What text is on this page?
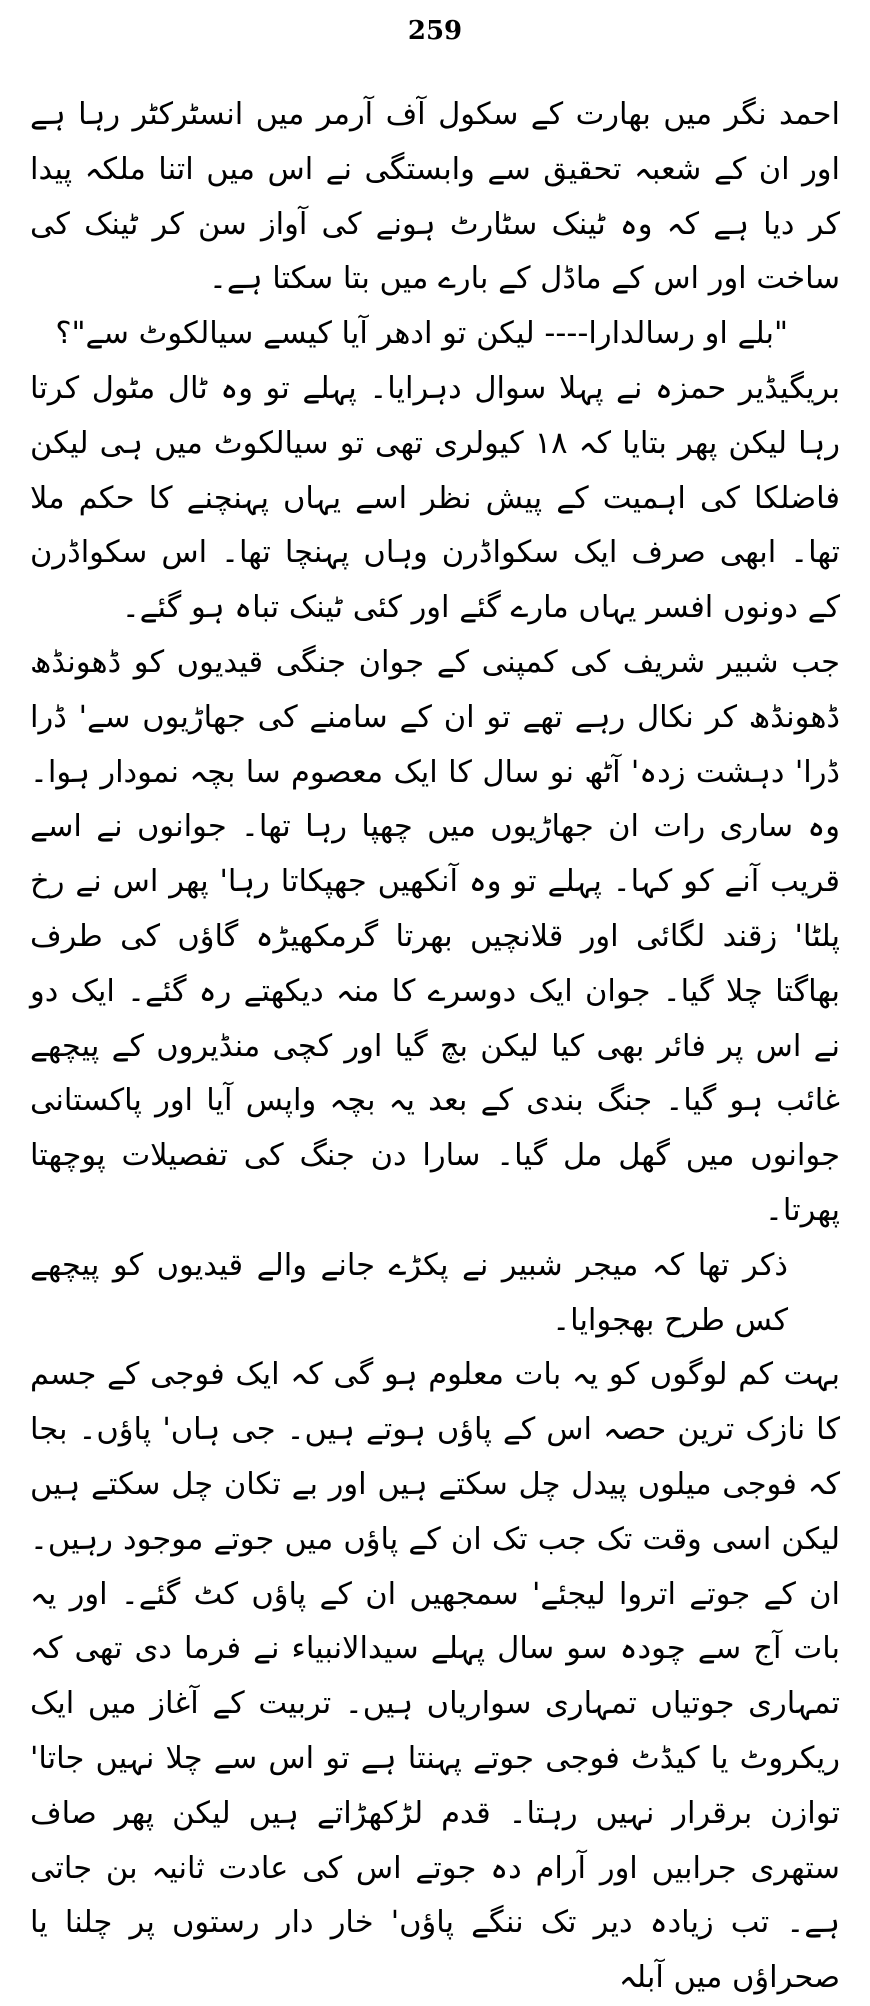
259

احمد نگر میں بھارت کے سکول آف آرمر میں انسٹرکٹر رہا ہے اور ان کے شعبہ تحقیق سے وابستگی نے اس میں اتنا ملکہ پیدا کر دیا ہے کہ وہ ٹینک سٹارٹ ہونے کی آواز سن کر ٹینک کی ساخت اور اس کے ماڈل کے بارے میں بتا سکتا ہے۔

"بلے او رسالدارا---- لیکن تو ادھر آیا کیسے سیالکوٹ سے"؟

بریگیڈیر حمزہ نے پہلا سوال دہرایا۔ پہلے تو وہ ٹال مٹول کرتا رہا لیکن پھر بتایا کہ ۱۸ کیولری تھی تو سیالکوٹ میں ہی لیکن فاضلکا کی اہمیت کے پیش نظر اسے یہاں پہنچنے کا حکم ملا تھا۔ ابھی صرف ایک سکواڈرن وہاں پہنچا تھا۔ اس سکواڈرن کے دونوں افسر یہاں مارے گئے اور کئی ٹینک تباہ ہو گئے۔

جب شبیر شریف کی کمپنی کے جوان جنگی قیدیوں کو ڈھونڈھ ڈھونڈھ کر نکال رہے تھے تو ان کے سامنے کی جھاڑیوں سے' ڈرا ڈرا' دہشت زدہ' آٹھ نو سال کا ایک معصوم سا بچہ نمودار ہوا۔ وہ ساری رات ان جھاڑیوں میں چھپا رہا تھا۔ جوانوں نے اسے قریب آنے کو کہا۔ پہلے تو وہ آنکھیں جھپکاتا رہا' پھر اس نے رخ پلٹا' زقند لگائی اور قلانچیں بھرتا گرمکھیڑہ گاؤں کی طرف بھاگتا چلا گیا۔ جوان ایک دوسرے کا منہ دیکھتے رہ گئے۔ ایک دو نے اس پر فائر بھی کیا لیکن بچ گیا اور کچی منڈیروں کے پیچھے غائب ہو گیا۔ جنگ بندی کے بعد یہ بچہ واپس آیا اور پاکستانی جوانوں میں گھل مل گیا۔ سارا دن جنگ کی تفصیلات پوچھتا پھرتا۔

ذکر تھا کہ میجر شبیر نے پکڑے جانے والے قیدیوں کو پیچھے کس طرح بھجوایا۔

بہت کم لوگوں کو یہ بات معلوم ہو گی کہ ایک فوجی کے جسم کا نازک ترین حصہ اس کے پاؤں ہوتے ہیں۔ جی ہاں' پاؤں۔ بجا کہ فوجی میلوں پیدل چل سکتے ہیں اور بے تکان چل سکتے ہیں لیکن اسی وقت تک جب تک ان کے پاؤں میں جوتے موجود رہیں۔ ان کے جوتے اتروا لیجئے' سمجھیں ان کے پاؤں کٹ گئے۔ اور یہ بات آج سے چودہ سو سال پہلے سیدالانبیاء نے فرما دی تھی کہ تمہاری جوتیاں تمہاری سواریاں ہیں۔ تربیت کے آغاز میں ایک ریکروٹ یا کیڈٹ فوجی جوتے پہنتا ہے تو اس سے چلا نہیں جاتا' توازن برقرار نہیں رہتا۔ قدم لڑکھڑاتے ہیں لیکن پھر صاف ستھری جرابیں اور آرام دہ جوتے اس کی عادت ثانیہ بن جاتی ہے۔ تب زیادہ دیر تک ننگے پاؤں' خار دار رستوں پر چلنا یا صحراؤں میں آبلہ
